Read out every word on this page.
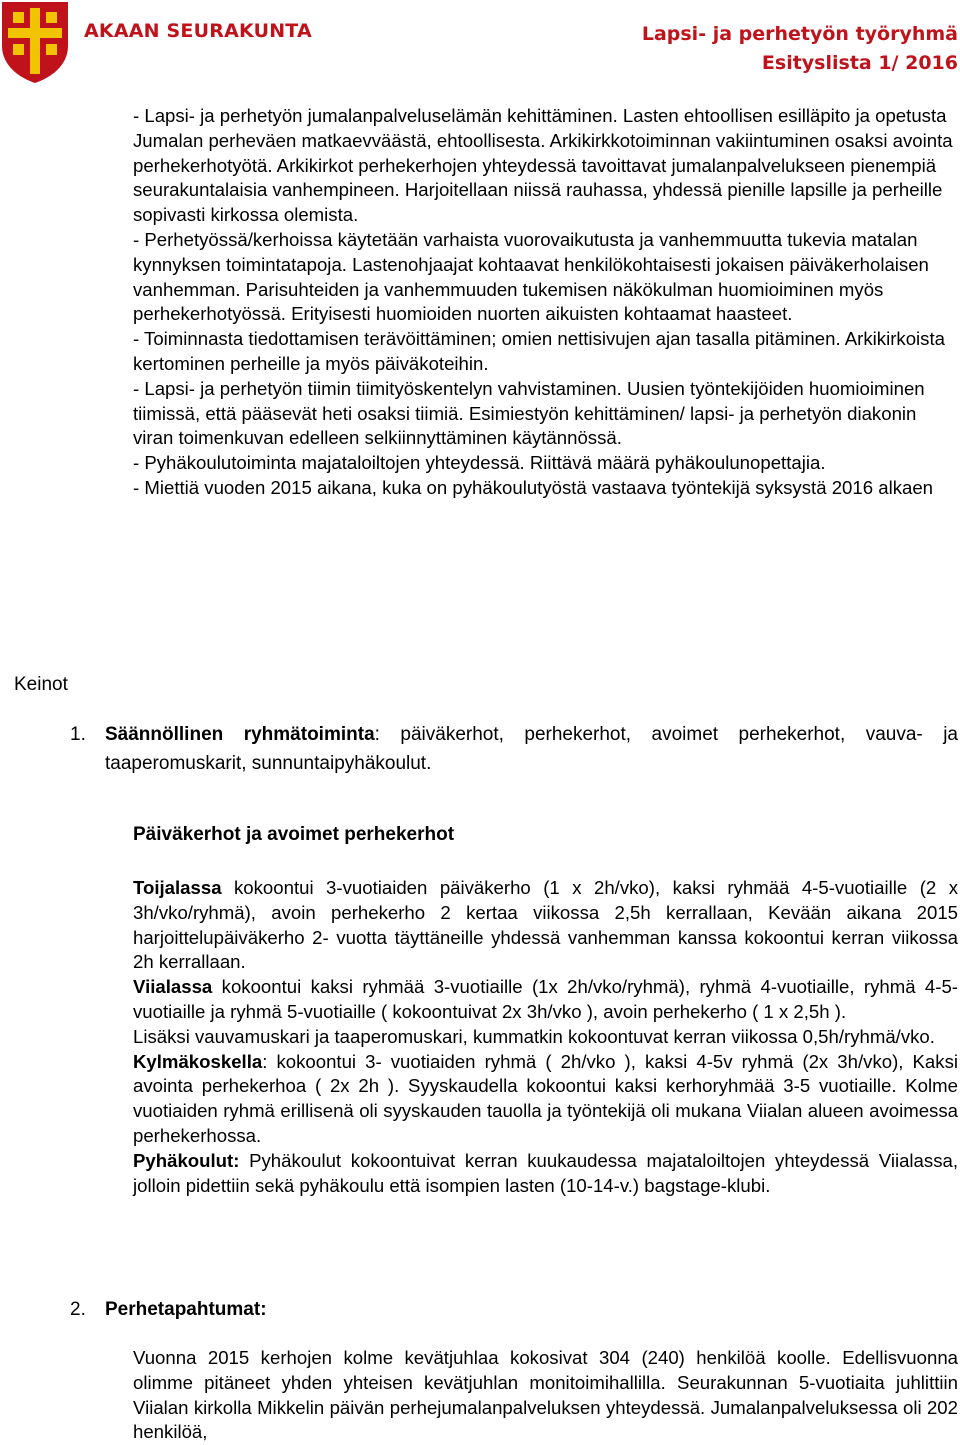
AKAAN SEURAKUNTA	Lapsi- ja perhetyön työryhmä
Esityslista 1/ 2016

- Lapsi- ja perhetyön jumalanpalveluselämän kehittäminen. Lasten ehtoollisen esilläpito ja opetusta Jumalan perheväen matkaevväästä, ehtoollisesta. Arkikirkkotoiminnan vakiintuminen osaksi avointa perhekerhotyötä. Arkikirkot perhekerhojen yhteydessä tavoittavat jumalanpalvelukseen pienempiä seurakuntalaisia vanhempineen. Harjoitellaan niissä rauhassa, yhdessä pienille lapsille ja perheille sopivasti kirkossa olemista.

- Perhetyössä/kerhoissa käytetään varhaista vuorovaikutusta ja vanhemmuutta tukevia matalan kynnyksen toimintatapoja. Lastenohjaajat kohtaavat henkilökohtaisesti jokaisen päiväkerholaisen vanhemman. Parisuhteiden ja vanhemmuuden tukemisen näkökulman huomioiminen myös perhekerhotyössä. Erityisesti huomioiden nuorten aikuisten kohtaamat haasteet.

- Toiminnasta tiedottamisen terävöittäminen; omien nettisivujen ajan tasalla pitäminen. Arkikirkoista kertominen perheille ja myös päiväkoteihin.

- Lapsi- ja perhetyön tiimin tiimityöskentelyn vahvistaminen. Uusien työntekijöiden huomioiminen tiimissä, että pääsevät heti osaksi tiimiä. Esimiestyön kehittäminen/ lapsi- ja perhetyön diakonin viran toimenkuvan edelleen selkiinnyttäminen käytännössä.

- Pyhäkoulutoiminta majataloiltojen yhteydessä. Riittävä määrä pyhäkoulunopettajia.

- Miettiä vuoden 2015 aikana, kuka on pyhäkoulutyöstä vastaava työntekijä syksystä 2016 alkaen

Keinot
1. Säännöllinen ryhmätoiminta: päiväkerhot, perhekerhot, avoimet perhekerhot, vauva- ja taaperomuskarit, sunnuntaipyhäkoulut.
Päiväkerhot ja avoimet perhekerhot

Toijalassa kokoontui 3-vuotiaiden päiväkerho (1 x 2h/vko), kaksi ryhmää 4-5-vuotiaille (2 x 3h/vko/ryhmä), avoin perhekerho 2 kertaa viikossa 2,5h kerrallaan, Kevään aikana 2015 harjoittelupäiväkerho 2- vuotta täyttäneille yhdessä vanhemman kanssa kokoontui kerran viikossa 2h kerrallaan.

Viialassa kokoontui kaksi ryhmää 3-vuotiaille (1x 2h/vko/ryhmä), ryhmä 4-vuotiaille, ryhmä 4-5-vuotiaille ja ryhmä 5-vuotiaille ( kokoontuivat 2x 3h/vko ), avoin perhekerho ( 1 x 2,5h ).

Lisäksi vauvamuskari ja taaperomuskari, kummatkin kokoontuvat kerran viikossa 0,5h/ryhmä/vko.

Kylmäkoskella: kokoontui 3- vuotiaiden ryhmä ( 2h/vko ), kaksi 4-5v ryhmä (2x 3h/vko), Kaksi avointa perhekerhoa ( 2x 2h ). Syyskaudella kokoontui kaksi kerhoryhmää 3-5 vuotiaille. Kolme vuotiaiden ryhmä erillisenä oli syyskauden tauolla ja työntekijä oli mukana Viialan alueen avoimessa perhekerhossa.

Pyhäkoulut: Pyhäkoulut kokoontuivat kerran kuukaudessa majataloiltojen yhteydessä Viialassa, jolloin pidettiin sekä pyhäkoulu että isompien lasten (10-14-v.) bagstage-klubi.

2. Perhetapahtumat:
Vuonna 2015 kerhojen kolme kevätjuhlaa kokosivat 304 (240) henkilöä koolle. Edellisvuonna olimme pitäneet yhden yhteisen kevätjuhlan monitoimihallilla. Seurakunnan 5-vuotiaita juhlittiin Viialan kirkolla Mikkelin päivän perhejumalanpalveluksen yhteydessä. Jumalanpalveluksessa oli 202 henkilöä,
